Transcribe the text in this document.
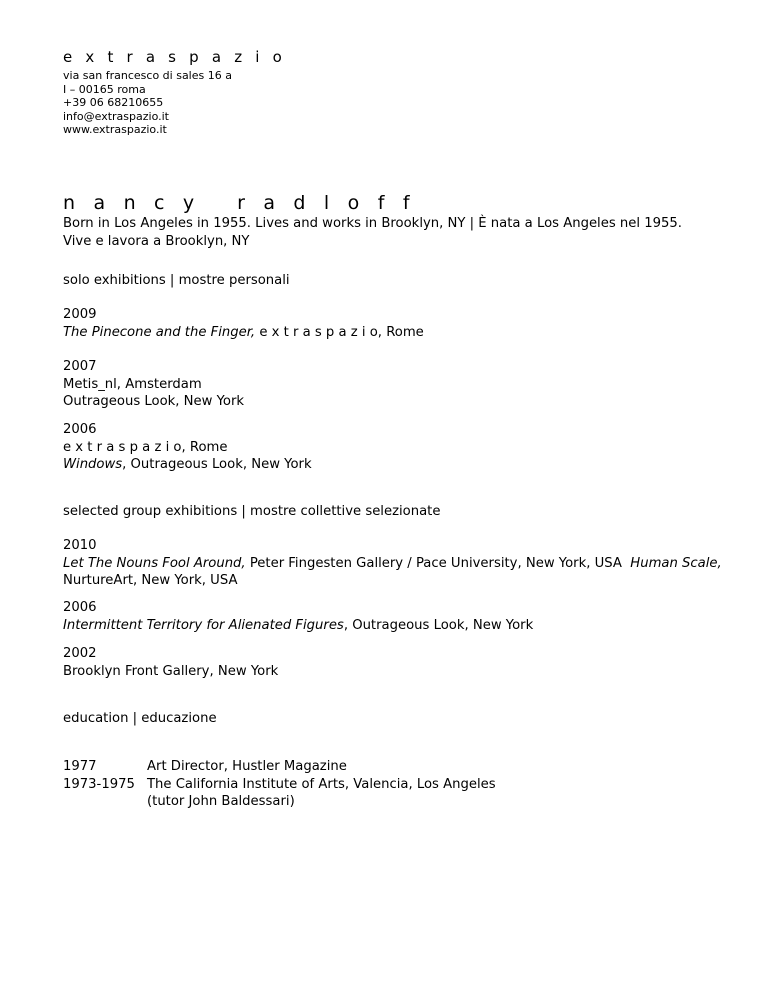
e x t r a s p a z i o
via san francesco di sales 16 a
I – 00165 roma
+39 06 68210655
info@extraspazio.it
www.extraspazio.it
n a n c y   r a d l o f f
Born in Los Angeles in 1955. Lives and works in Brooklyn, NY | È nata a Los Angeles nel 1955. Vive e lavora a Brooklyn, NY
solo exhibitions | mostre personali
2009
The Pinecone and the Finger, e x t r a s p a z i o, Rome
2007
Metis_nl, Amsterdam
Outrageous Look, New York
2006
e x t r a s p a z i o, Rome
Windows, Outrageous Look, New York
selected group exhibitions | mostre collettive selezionate
2010
Let The Nouns Fool Around, Peter Fingesten Gallery / Pace University, New York, USA  Human Scale, NurtureArt, New York, USA
2006
Intermittent Territory for Alienated Figures, Outrageous Look, New York
2002
Brooklyn Front Gallery, New York
education | educazione
1977
1973-1975

Art Director, Hustler Magazine
The California Institute of Arts, Valencia, Los Angeles
(tutor John Baldessari)
